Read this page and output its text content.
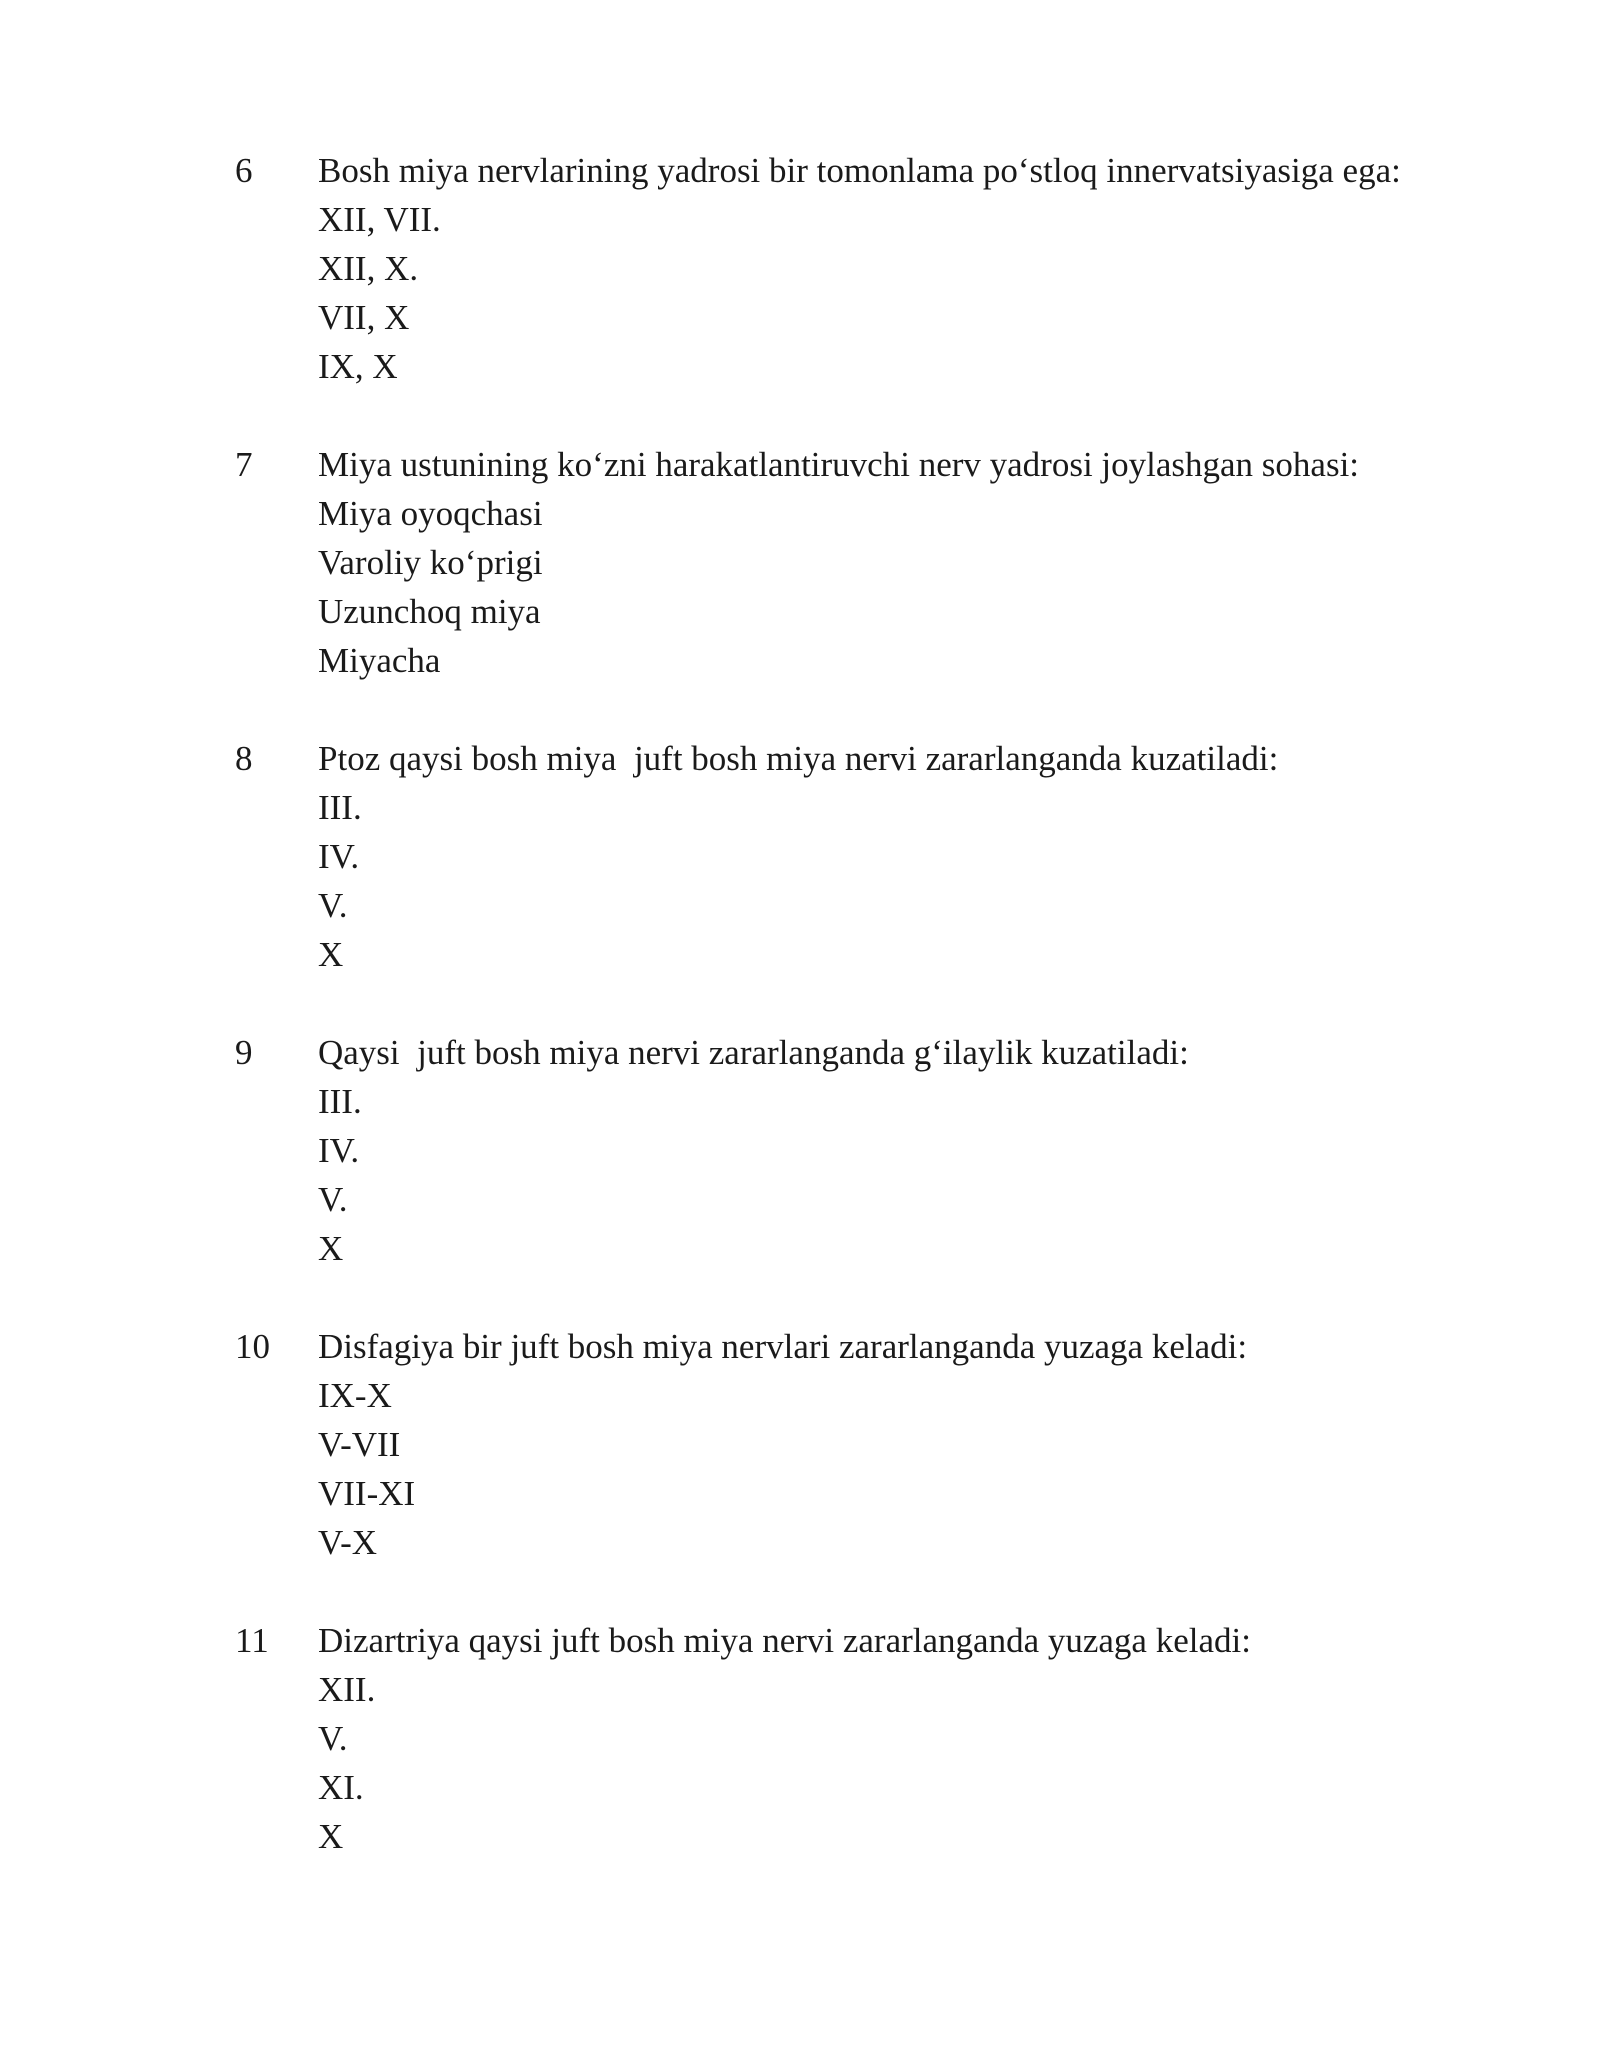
6 Bosh miya nervlarining yadrosi bir tomonlama po‘stloq innervatsiyasiga ega:
XII, VII.
XII, X.
VII, X
IX, X
7 Miya ustunining ko‘zni harakatlantiruvchi nerv yadrosi joylashgan sohasi:
Miya oyoqchasi
Varoliy ko‘prigi
Uzunchoq miya
Miyacha
8 Ptoz qaysi bosh miya  juft bosh miya nervi zararlanganda kuzatiladi:
III.
IV.
V.
X
9 Qaysi  juft bosh miya nervi zararlanganda g‘ilaylik kuzatiladi:
III.
IV.
V.
X
10 Disfagiya bir juft bosh miya nervlari zararlanganda yuzaga keladi:
IX-X
V-VII
VII-XI
V-X
11 Dizartriya qaysi juft bosh miya nervi zararlanganda yuzaga keladi:
XII.
V.
XI.
X
